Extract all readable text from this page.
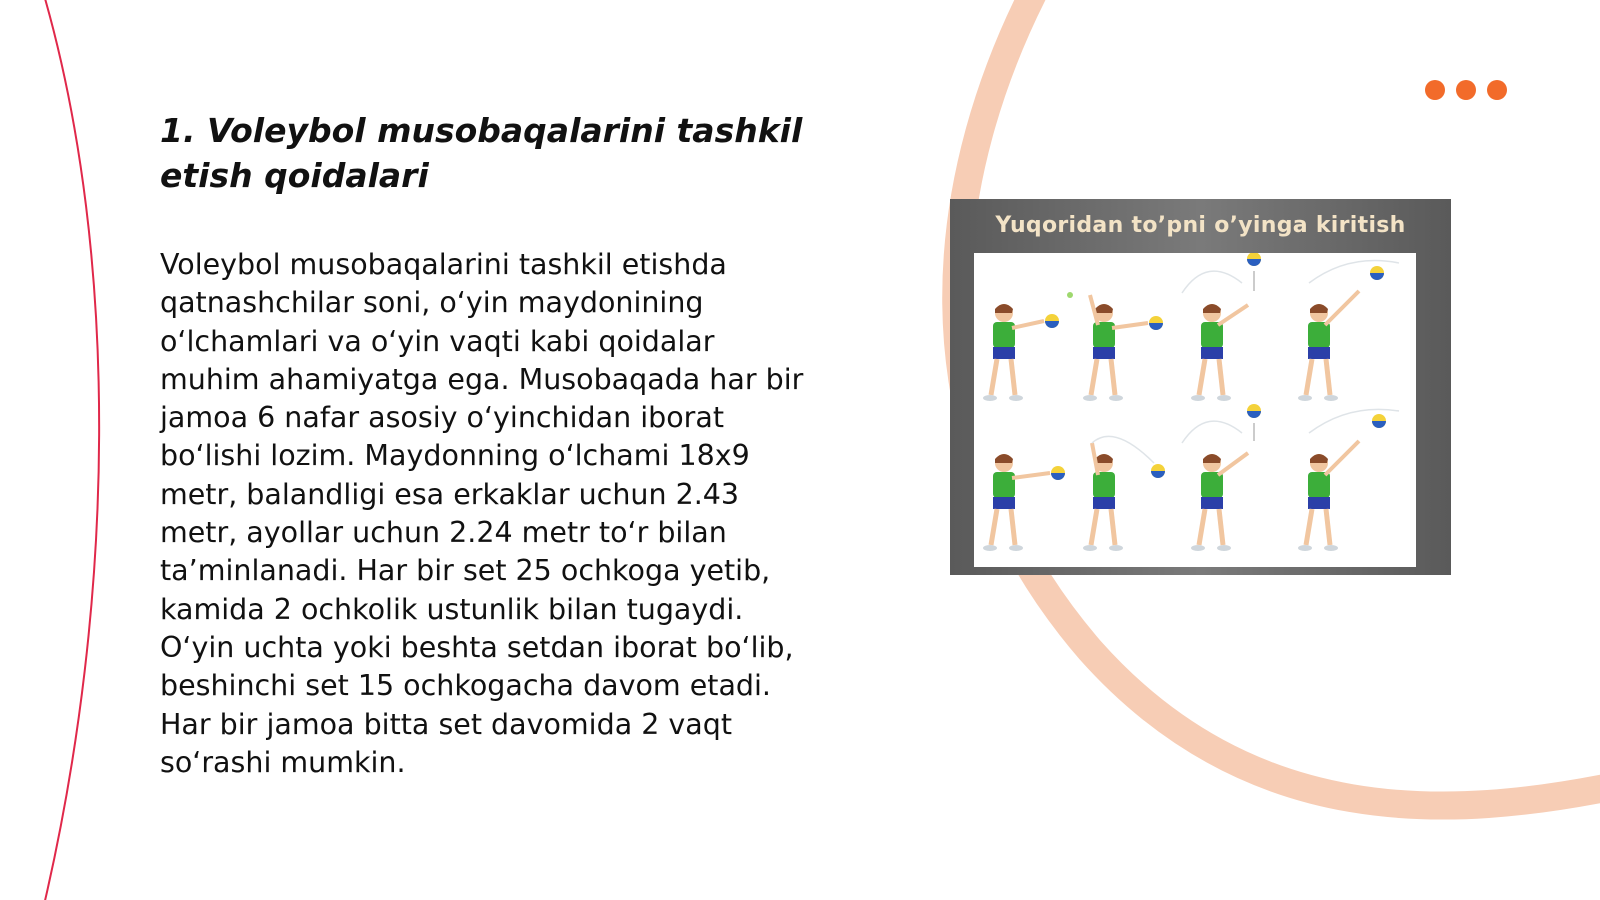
1. Voleybol musobaqalarini tashkil
etish qoidalari
Voleybol musobaqalarini tashkil etishda
qatnashchilar soni, o‘yin maydonining
o‘lchamlari va o‘yin vaqti kabi qoidalar
muhim ahamiyatga ega. Musobaqada har bir
jamoa 6 nafar asosiy o‘yinchidan iborat
bo‘lishi lozim. Maydonning o‘lchami 18x9
metr, balandligi esa erkaklar uchun 2.43
metr, ayollar uchun 2.24 metr to‘r bilan
ta’minlanadi. Har bir set 25 ochkoga yetib,
kamida 2 ochkolik ustunlik bilan tugaydi.
O‘yin uchta yoki beshta setdan iborat bo‘lib,
beshinchi set 15 ochkogacha davom etadi.
Har bir jamoa bitta set davomida 2 vaqt
so‘rashi mumkin.
Yuqoridan to’pni o’yinga kiritish
